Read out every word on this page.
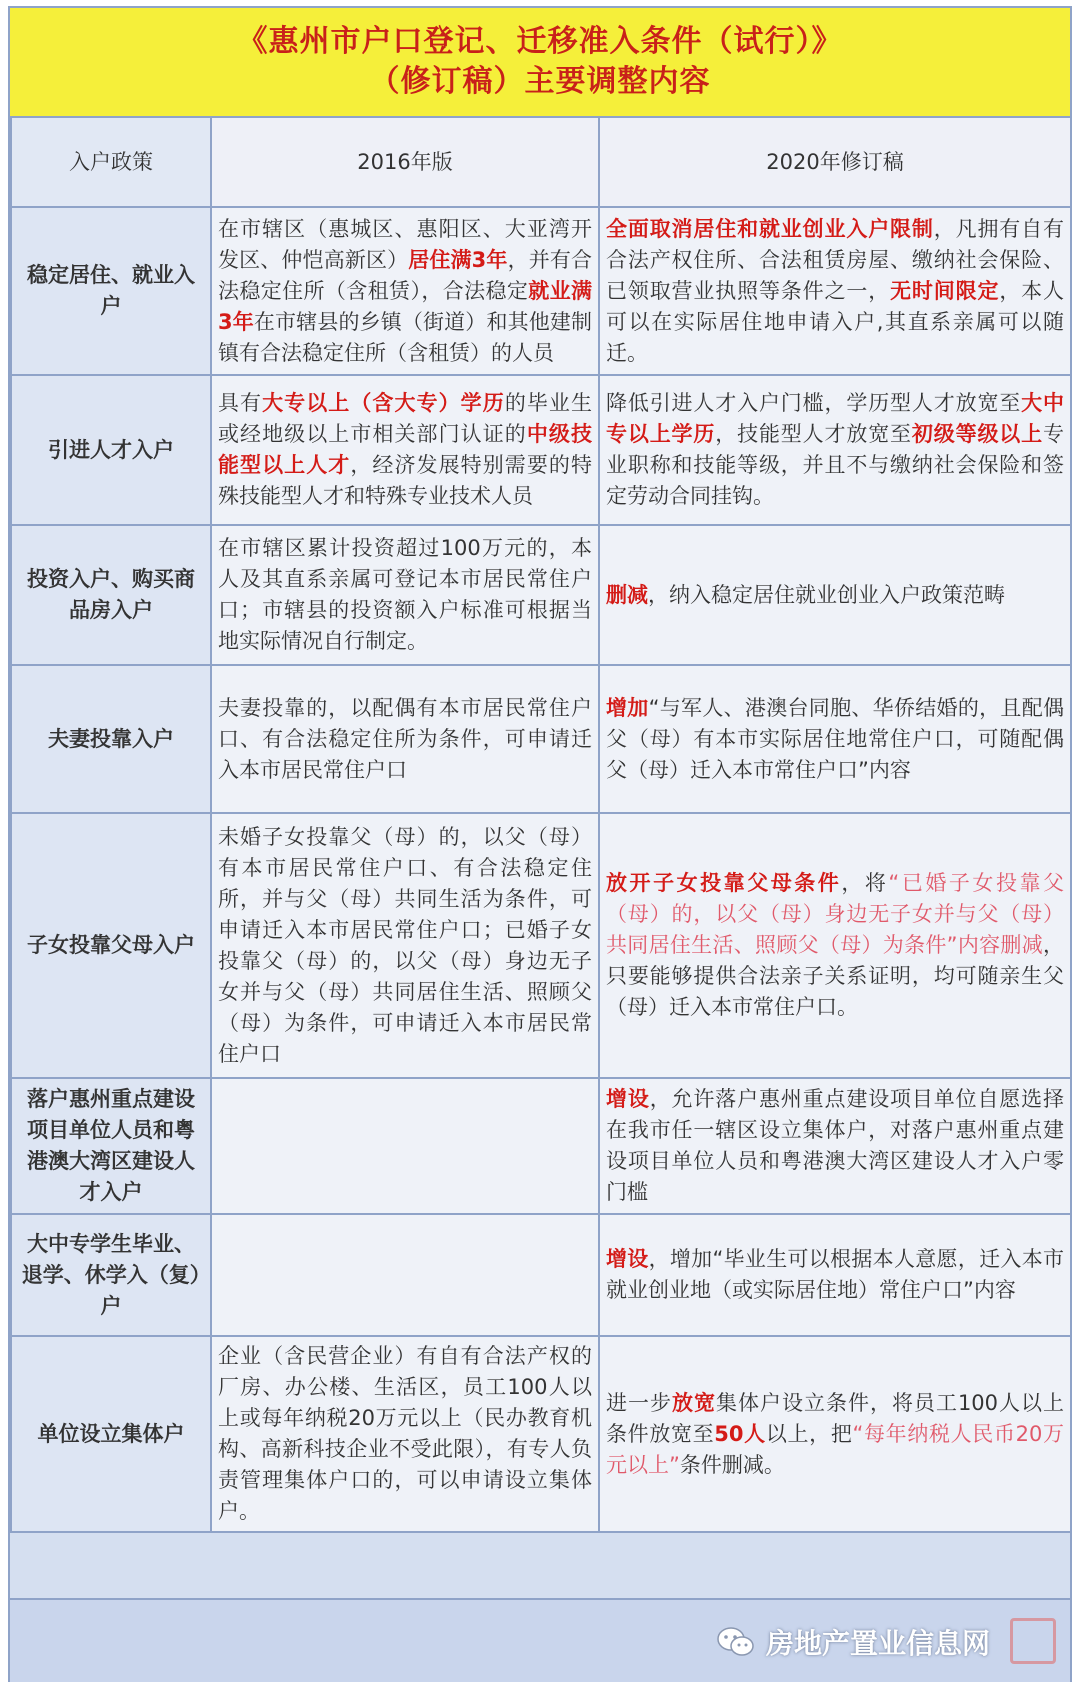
《惠州市户口登记、迁移准入条件（试行）》
（修订稿）主要调整内容
入户政策	2016年版	2020年修订稿
稳定居住、就业入户	在市辖区（惠城区、惠阳区、大亚湾开发区、仲恺高新区）居住满3年，并有合法稳定住所（含租赁），合法稳定就业满3年在市辖县的乡镇（街道）和其他建制镇有合法稳定住所（含租赁）的人员	全面取消居住和就业创业入户限制，凡拥有自有合法产权住所、合法租赁房屋、缴纳社会保险、已领取营业执照等条件之一，无时间限定，本人可以在实际居住地申请入户,其直系亲属可以随迁。
引进人才入户	具有大专以上（含大专）学历的毕业生或经地级以上市相关部门认证的中级技能型以上人才，经济发展特别需要的特殊技能型人才和特殊专业技术人员	降低引进人才入户门槛，学历型人才放宽至大中专以上学历，技能型人才放宽至初级等级以上专业职称和技能等级，并且不与缴纳社会保险和签定劳动合同挂钩。
投资入户、购买商品房入户	在市辖区累计投资超过100万元的，本人及其直系亲属可登记本市居民常住户口；市辖县的投资额入户标准可根据当地实际情况自行制定。	删减，纳入稳定居住就业创业入户政策范畴
夫妻投靠入户	夫妻投靠的，以配偶有本市居民常住户口、有合法稳定住所为条件，可申请迁入本市居民常住户口	增加“与军人、港澳台同胞、华侨结婚的，且配偶父（母）有本市实际居住地常住户口，可随配偶父（母）迁入本市常住户口”内容
子女投靠父母入户	未婚子女投靠父（母）的，以父（母）有本市居民常住户口、有合法稳定住所，并与父（母）共同生活为条件，可申请迁入本市居民常住户口；已婚子女投靠父（母）的，以父（母）身边无子女并与父（母）共同居住生活、照顾父（母）为条件，可申请迁入本市居民常住户口	放开子女投靠父母条件，将“已婚子女投靠父（母）的，以父（母）身边无子女并与父（母）共同居住生活、照顾父（母）为条件”内容删减，只要能够提供合法亲子关系证明，均可随亲生父（母）迁入本市常住户口。
落户惠州重点建设项目单位人员和粤港澳大湾区建设人才入户		增设，允许落户惠州重点建设项目单位自愿选择在我市任一辖区设立集体户，对落户惠州重点建设项目单位人员和粤港澳大湾区建设人才入户零门槛
大中专学生毕业、退学、休学入（复）户		增设，增加“毕业生可以根据本人意愿，迁入本市就业创业地（或实际居住地）常住户口”内容
单位设立集体户	企业（含民营企业）有自有合法产权的厂房、办公楼、生活区，员工100人以上或每年纳税20万元以上（民办教育机构、高新科技企业不受此限），有专人负责管理集体户口的，可以申请设立集体户。	进一步放宽集体户设立条件，将员工100人以上条件放宽至50人以上，把“每年纳税人民币20万元以上”条件删减。
房地产置业信息网
